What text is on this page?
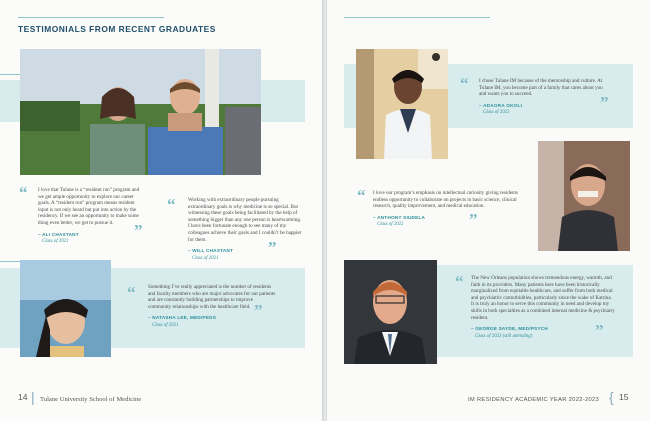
TESTIMONIALS FROM RECENT GRADUATES
“ I love that Tulane is a “resident run” program and we get ample opportunity to explore our career goals. A “resident run” program means resident input is not only heard but put into action by the residency. If we see an opportunity to make some thing even better, we get to pursue it.
– ALI CHASTANT
Class of 2021
”
“ Working with extraordinary people pursuing extraordinary goals is why medicine is so special. But witnessing these goals being facilitated by the help of something bigger than any one person is heartwarming. I have been fortunate enough to see many of my colleagues achieve their goals and I couldn’t be happier for them.
– WILL CHASTANT
Class of 2021
”
“ Something I’ve really appreciated is the number of residents and faculty members who are major advocates for our patients and are constantly building partnerships to improve community relationships with the healthcare field.
– NATASHA LEE, MED/PEDS
Class of 2021
”
14 | Tulane University School of Medicine
“ I chose Tulane IM because of the mentorship and culture. At Tulane IM, you become part of a family that cares about you and wants you to succeed.
– ADAORA OKOLI
Class of 2022
”
“ I love our program’s emphasis on intellectual curiosity giving residents endless opportunity to collaborate on projects in basic science, clinical research, quality improvement, and medical education.
– ANTHONY SIUDELA
Class of 2022	”
“ The New Orleans population shows tremendous energy, warmth, and faith in its providers. Many patients here have been historically marginalized from equitable healthcare, and suffer from both medical and psychiatric comorbidities, particularly since the wake of Katrina. It is truly an honor to serve this community in need and develop my skills in both specialties as a combined internal medicine & psychiatry resident.
– GEORGE SAYDE, MED/PSYCH
Class of 2023 (still attending)	”
IM RESIDENCY ACADEMIC YEAR 2022-2023 { 15
